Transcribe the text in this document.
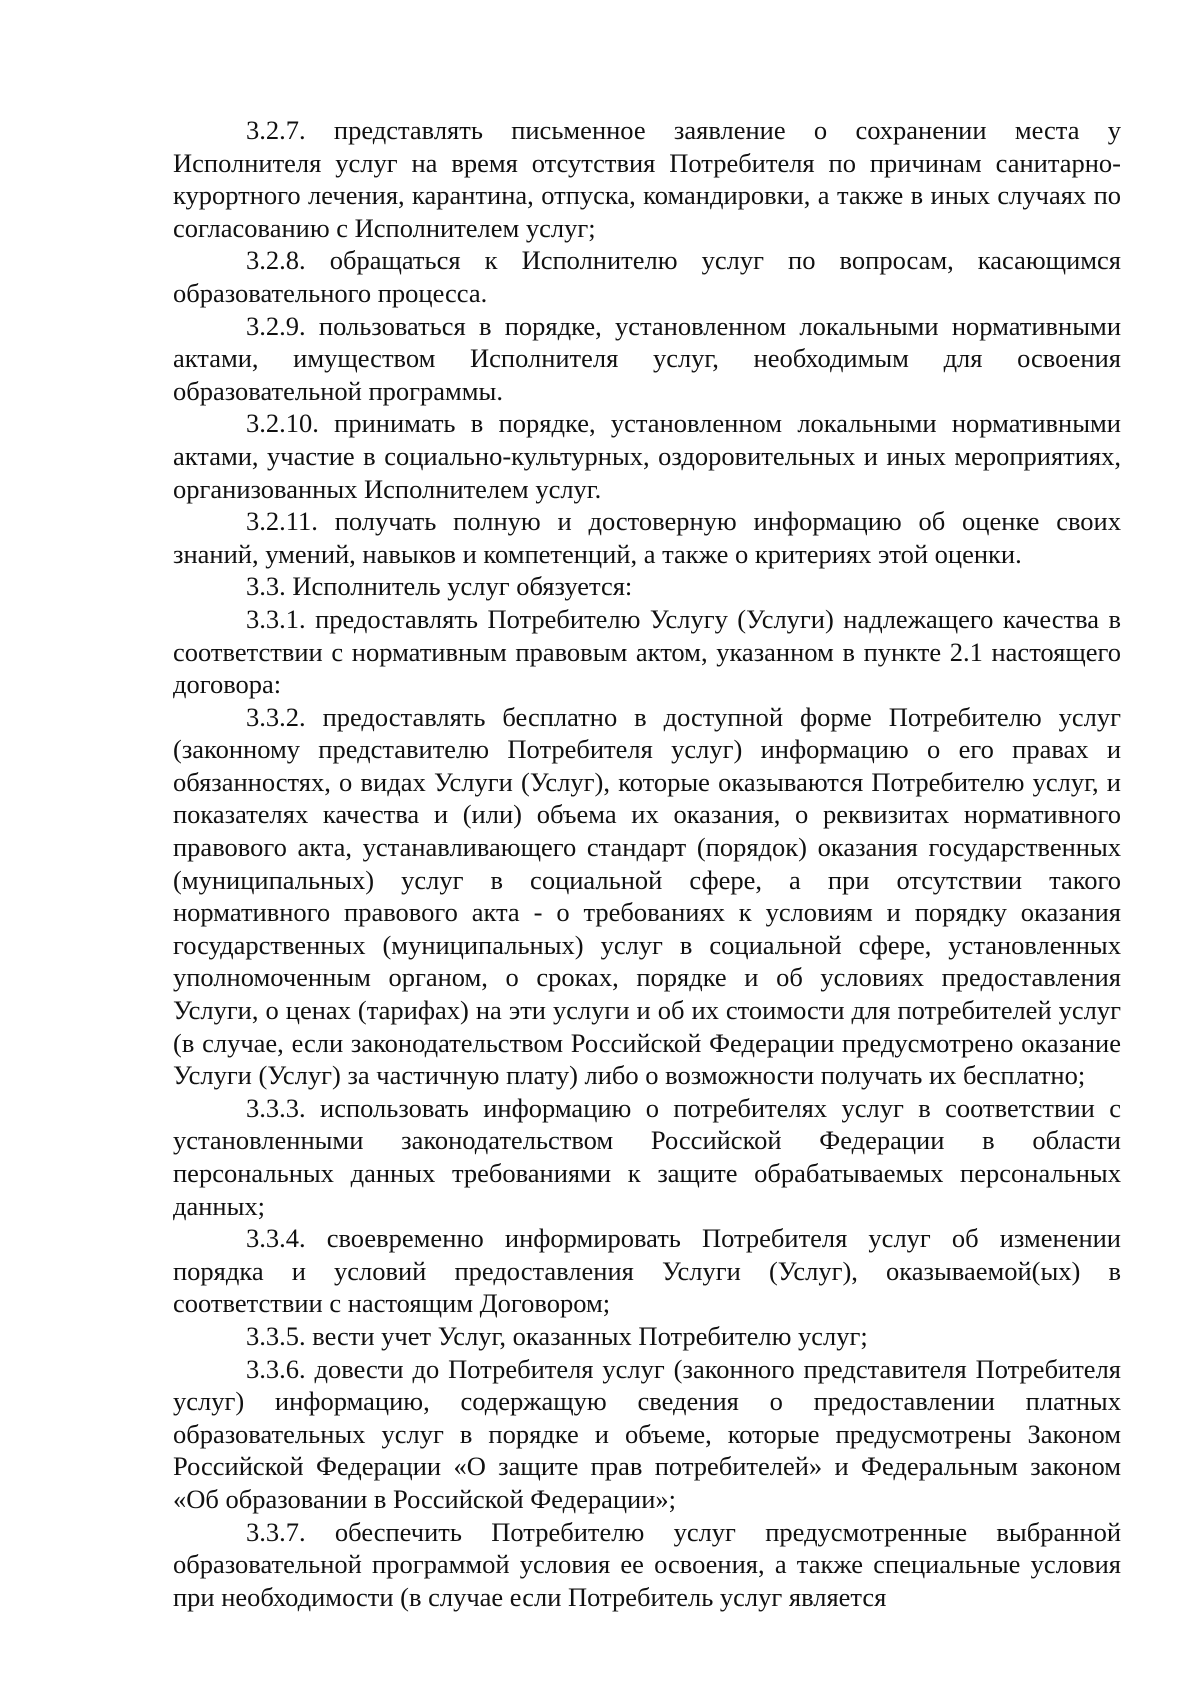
3.2.7. представлять письменное заявление о сохранении места у Исполнителя услуг на время отсутствия Потребителя по причинам санитарно-курортного лечения, карантина, отпуска, командировки, а также в иных случаях по согласованию с Исполнителем услуг;

3.2.8. обращаться к Исполнителю услуг по вопросам, касающимся образовательного процесса.

3.2.9. пользоваться в порядке, установленном локальными нормативными актами, имуществом Исполнителя услуг, необходимым для освоения образовательной программы.

3.2.10. принимать в порядке, установленном локальными нормативными актами, участие в социально-культурных, оздоровительных и иных мероприятиях, организованных Исполнителем услуг.

3.2.11. получать полную и достоверную информацию об оценке своих знаний, умений, навыков и компетенций, а также о критериях этой оценки.

3.3. Исполнитель услуг обязуется:

3.3.1. предоставлять Потребителю Услугу (Услуги) надлежащего качества в соответствии с нормативным правовым актом, указанном в пункте 2.1 настоящего договора:

3.3.2. предоставлять бесплатно в доступной форме Потребителю услуг (законному представителю Потребителя услуг) информацию о его правах и обязанностях, о видах Услуги (Услуг), которые оказываются Потребителю услуг, и показателях качества и (или) объема их оказания, о реквизитах нормативного правового акта, устанавливающего стандарт (порядок) оказания государственных (муниципальных) услуг в социальной сфере, а при отсутствии такого нормативного правового акта - о требованиях к условиям и порядку оказания государственных (муниципальных) услуг в социальной сфере, установленных уполномоченным органом, о сроках, порядке и об условиях предоставления Услуги, о ценах (тарифах) на эти услуги и об их стоимости для потребителей услуг (в случае, если законодательством Российской Федерации предусмотрено оказание Услуги (Услуг) за частичную плату) либо о возможности получать их бесплатно;

3.3.3. использовать информацию о потребителях услуг в соответствии с установленными законодательством Российской Федерации в области персональных данных требованиями к защите обрабатываемых персональных данных;

3.3.4. своевременно информировать Потребителя услуг об изменении порядка и условий предоставления Услуги (Услуг), оказываемой(ых) в соответствии с настоящим Договором;

3.3.5. вести учет Услуг, оказанных Потребителю услуг;

3.3.6. довести до Потребителя услуг (законного представителя Потребителя услуг) информацию, содержащую сведения о предоставлении платных образовательных услуг в порядке и объеме, которые предусмотрены Законом Российской Федерации «О защите прав потребителей» и Федеральным законом «Об образовании в Российской Федерации»;

3.3.7. обеспечить Потребителю услуг предусмотренные выбранной образовательной программой условия ее освоения, а также специальные условия при необходимости (в случае если Потребитель услуг является
